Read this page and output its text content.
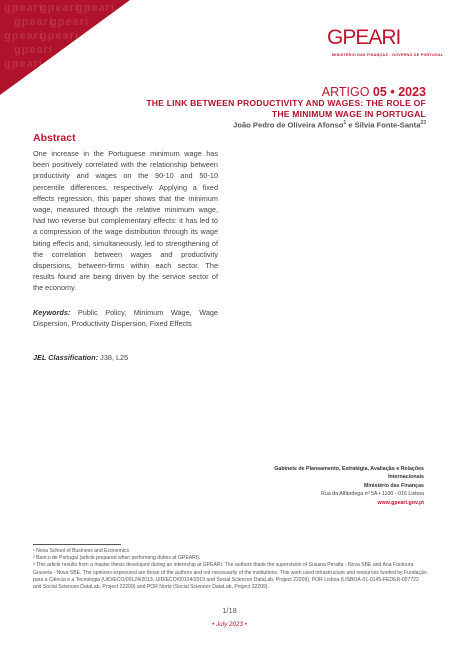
gpeari
gpeari
gpeari
gpeari
gpeari
gpeari
gpeari
gpeari
gpeari
GPEARI
MINISTÉRIO DAS FINANÇAS · GOVERNO DE PORTUGAL
ARTIGO 05 • 2023
THE LINK BETWEEN PRODUCTIVITY AND WAGES: THE ROLE OF THE MINIMUM WAGE IN PORTUGAL
João Pedro de Oliveira Afonso$^1$ e Sílvia Fonte-Santa$^{23}$
Abstract
One increase in the Portuguese minimum wage has been positively correlated with the relationship between productivity and wages on the 90-10 and 50-10 percentile differences, respectively. Applying a fixed effects regression, this paper shows that the minimum wage, measured through the relative minimum wage, had two reverse but complementary effects: it has led to a compression of the wage distribution through its wage biting effects and, simultaneously, led to strengthening of the correlation between wages and productivity dispersions, between-firms within each sector. The results found are being driven by the service sector of the economy.
Keywords: Public Policy, Minimum Wage, Wage Dispersion, Productivity Dispersion, Fixed Effects
JEL Classification: J38, L25
Gabinete de Planeamento, Estratégia, Avaliação e Relações
Internacionais
Ministério das Finanças
Rua da Alfândega nº 5A • 1100 - 016 Lisboa
www.gpeari.gov.pt

¹ Nova School of Business and Economics.

² Banco de Portugal (article prepared when performing duties at GPEARI).

³ This article results from a master thesis developed during an internship at GPEARI. The authors thank the supervision of Susana Peralta - Nova SBE and Ana Fontoura Gouveia - Nova SBE. The opinions expressed are those of the authors and not necessarily of the institutions. This work used infrastructure and resources funded by Fundação para a Ciência e a Tecnologia (UID/ECO/00124/2013, UID/ECO/00124/2019 and Social Sciences DataLab, Project 22209), POR Lisboa (LISBOA-01-0145-FEDER-007722 and Social Sciences DataLab, Project 22209) and POR Norte (Social Sciences DataLab, Project 22209).

1/18
• July 2023 •
